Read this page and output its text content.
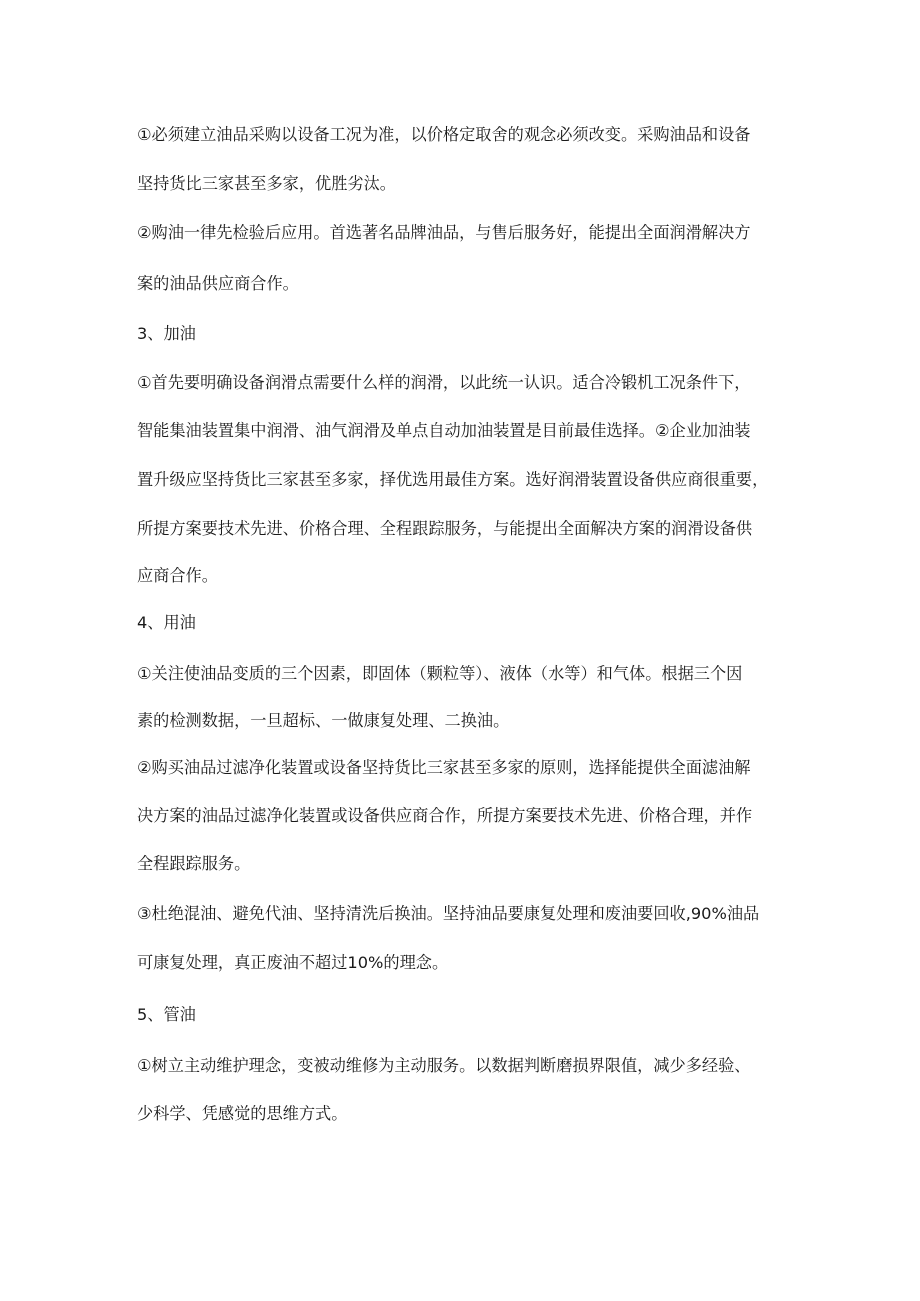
①必须建立油品采购以设备工况为准，以价格定取舍的观念必须改变。采购油品和设备
坚持货比三家甚至多家，优胜劣汰。
②购油一律先检验后应用。首选著名品牌油品，与售后服务好，能提出全面润滑解决方
案的油品供应商合作。
3、加油
①首先要明确设备润滑点需要什么样的润滑，以此统一认识。适合冷锻机工况条件下，
智能集油装置集中润滑、油气润滑及单点自动加油装置是目前最佳选择。②企业加油装
置升级应坚持货比三家甚至多家，择优选用最佳方案。选好润滑装置设备供应商很重要，
所提方案要技术先进、价格合理、全程跟踪服务，与能提出全面解决方案的润滑设备供
应商合作。
4、用油
①关注使油品变质的三个因素，即固体（颗粒等）、液体（水等）和气体。根据三个因
素的检测数据，一旦超标、一做康复处理、二换油。
②购买油品过滤净化装置或设备坚持货比三家甚至多家的原则，选择能提供全面滤油解
决方案的油品过滤净化装置或设备供应商合作，所提方案要技术先进、价格合理，并作
全程跟踪服务。
③杜绝混油、避免代油、坚持清洗后换油。坚持油品要康复处理和废油要回收,90%油品
可康复处理，真正废油不超过10%的理念。
5、管油
①树立主动维护理念，变被动维修为主动服务。以数据判断磨损界限值，减少多经验、
少科学、凭感觉的思维方式。
